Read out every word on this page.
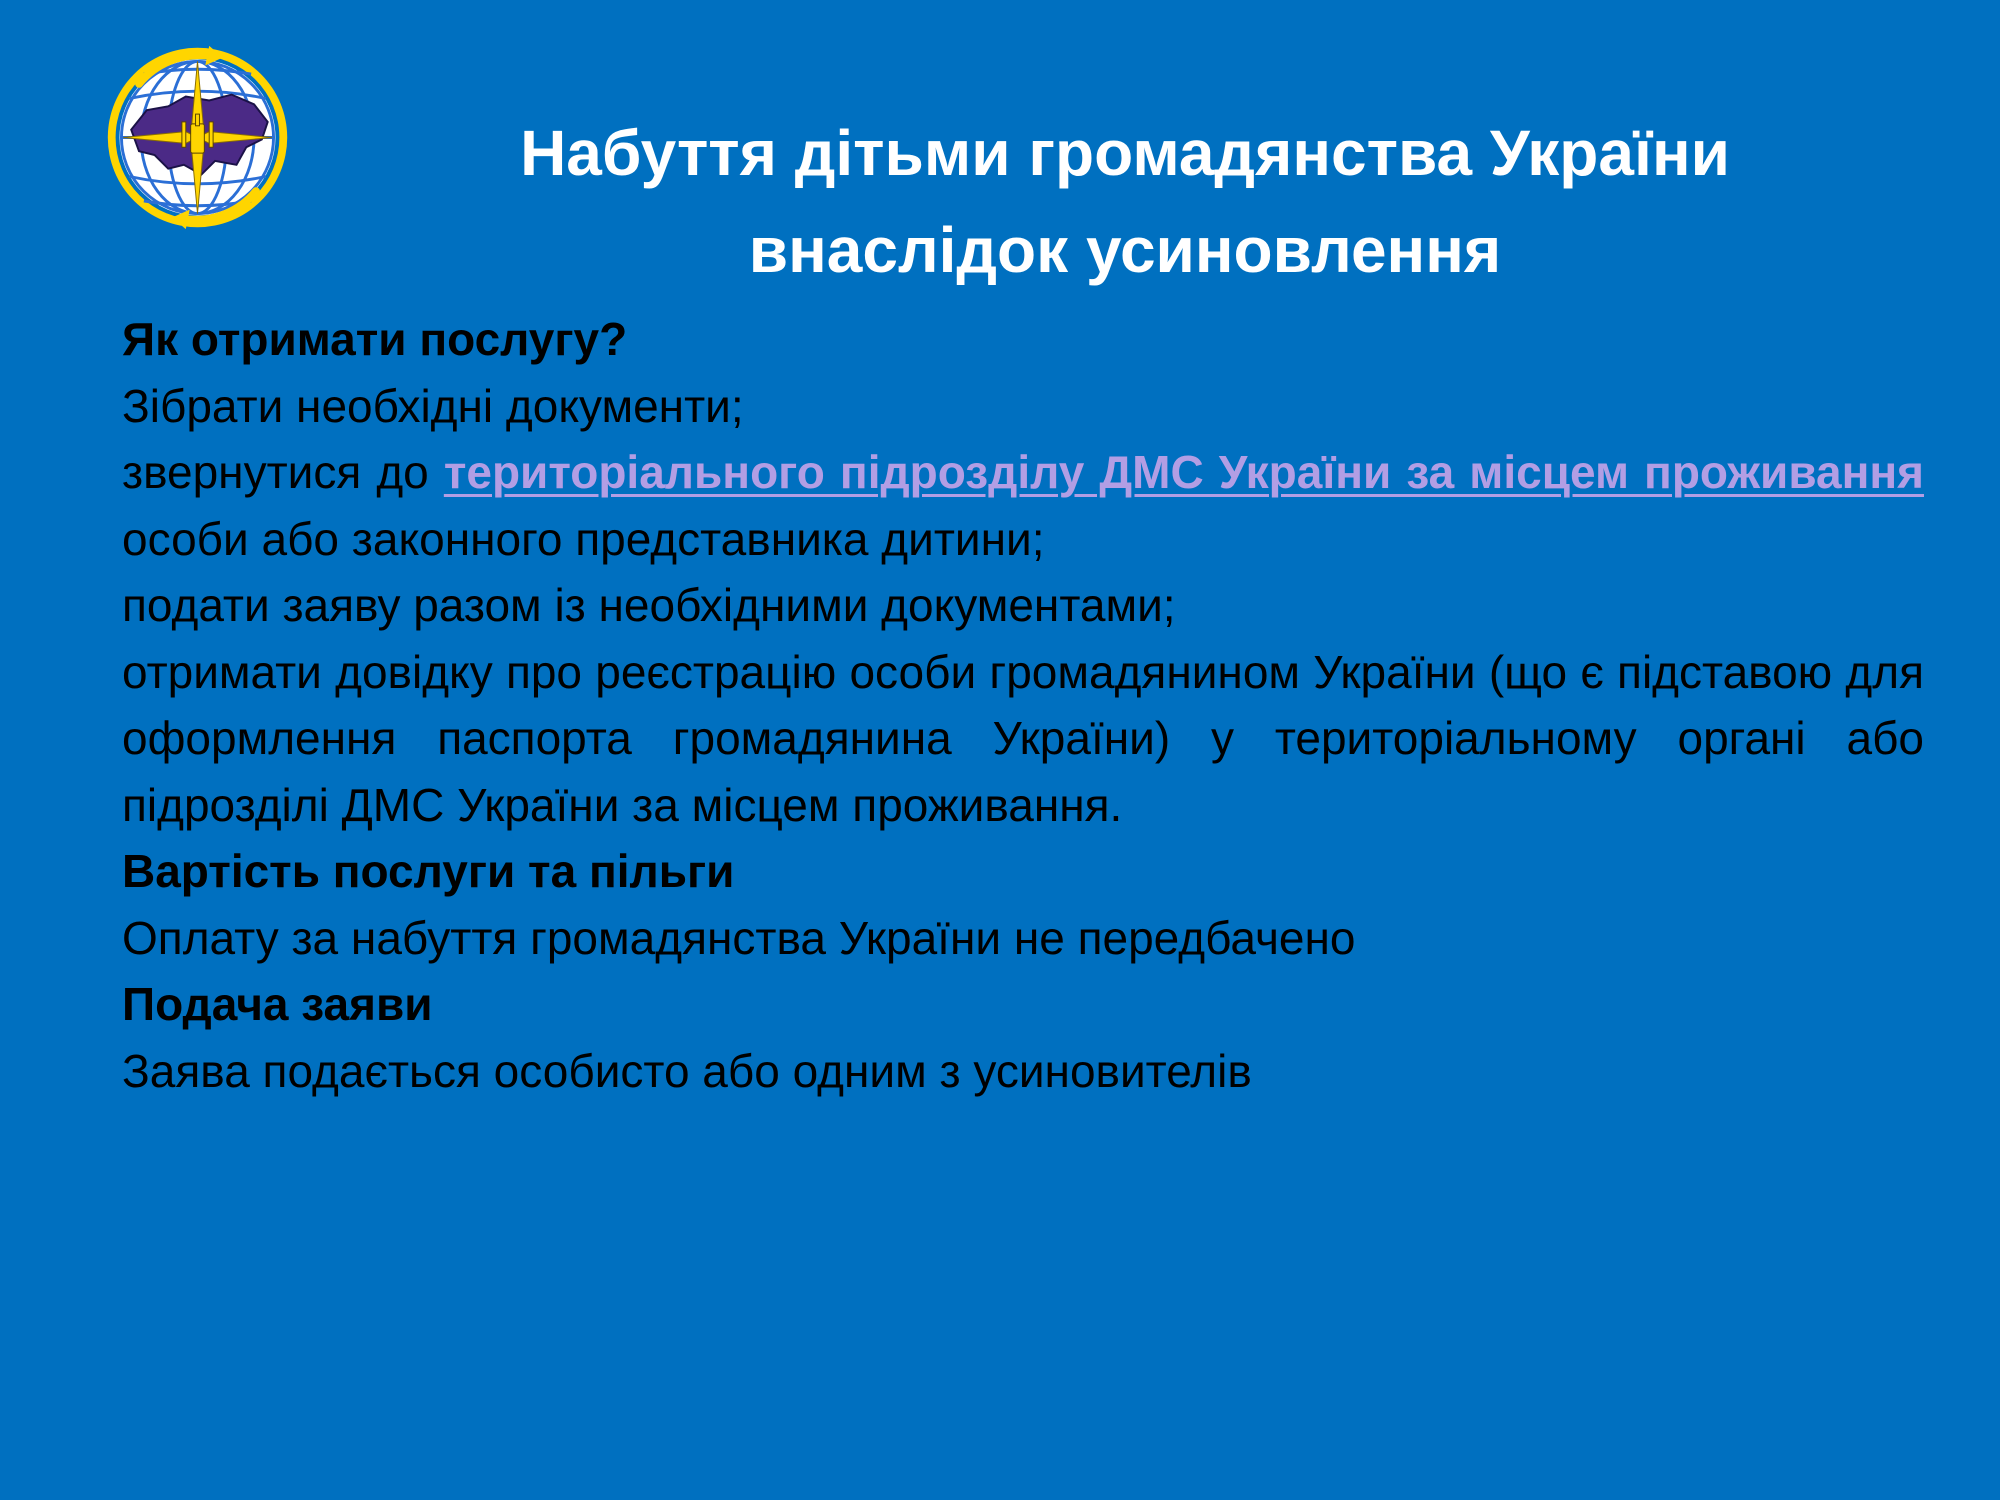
Набуття дітьми громадянства України
внаслідок усиновлення

Як отримати послугу?

Зібрати необхідні документи;

звернутися до територіального підрозділу ДМС України за місцем проживання особи або законного представника дитини;

подати заяву разом із необхідними документами;

отримати довідку про реєстрацію особи громадянином України (що є підставою для оформлення паспорта громадянина України) у територіальному органі або підрозділі ДМС України за місцем проживання.

Вартість послуги та пільги

Оплату за набуття громадянства України не передбачено

Подача заяви

Заява подається особисто або одним з усиновителів
